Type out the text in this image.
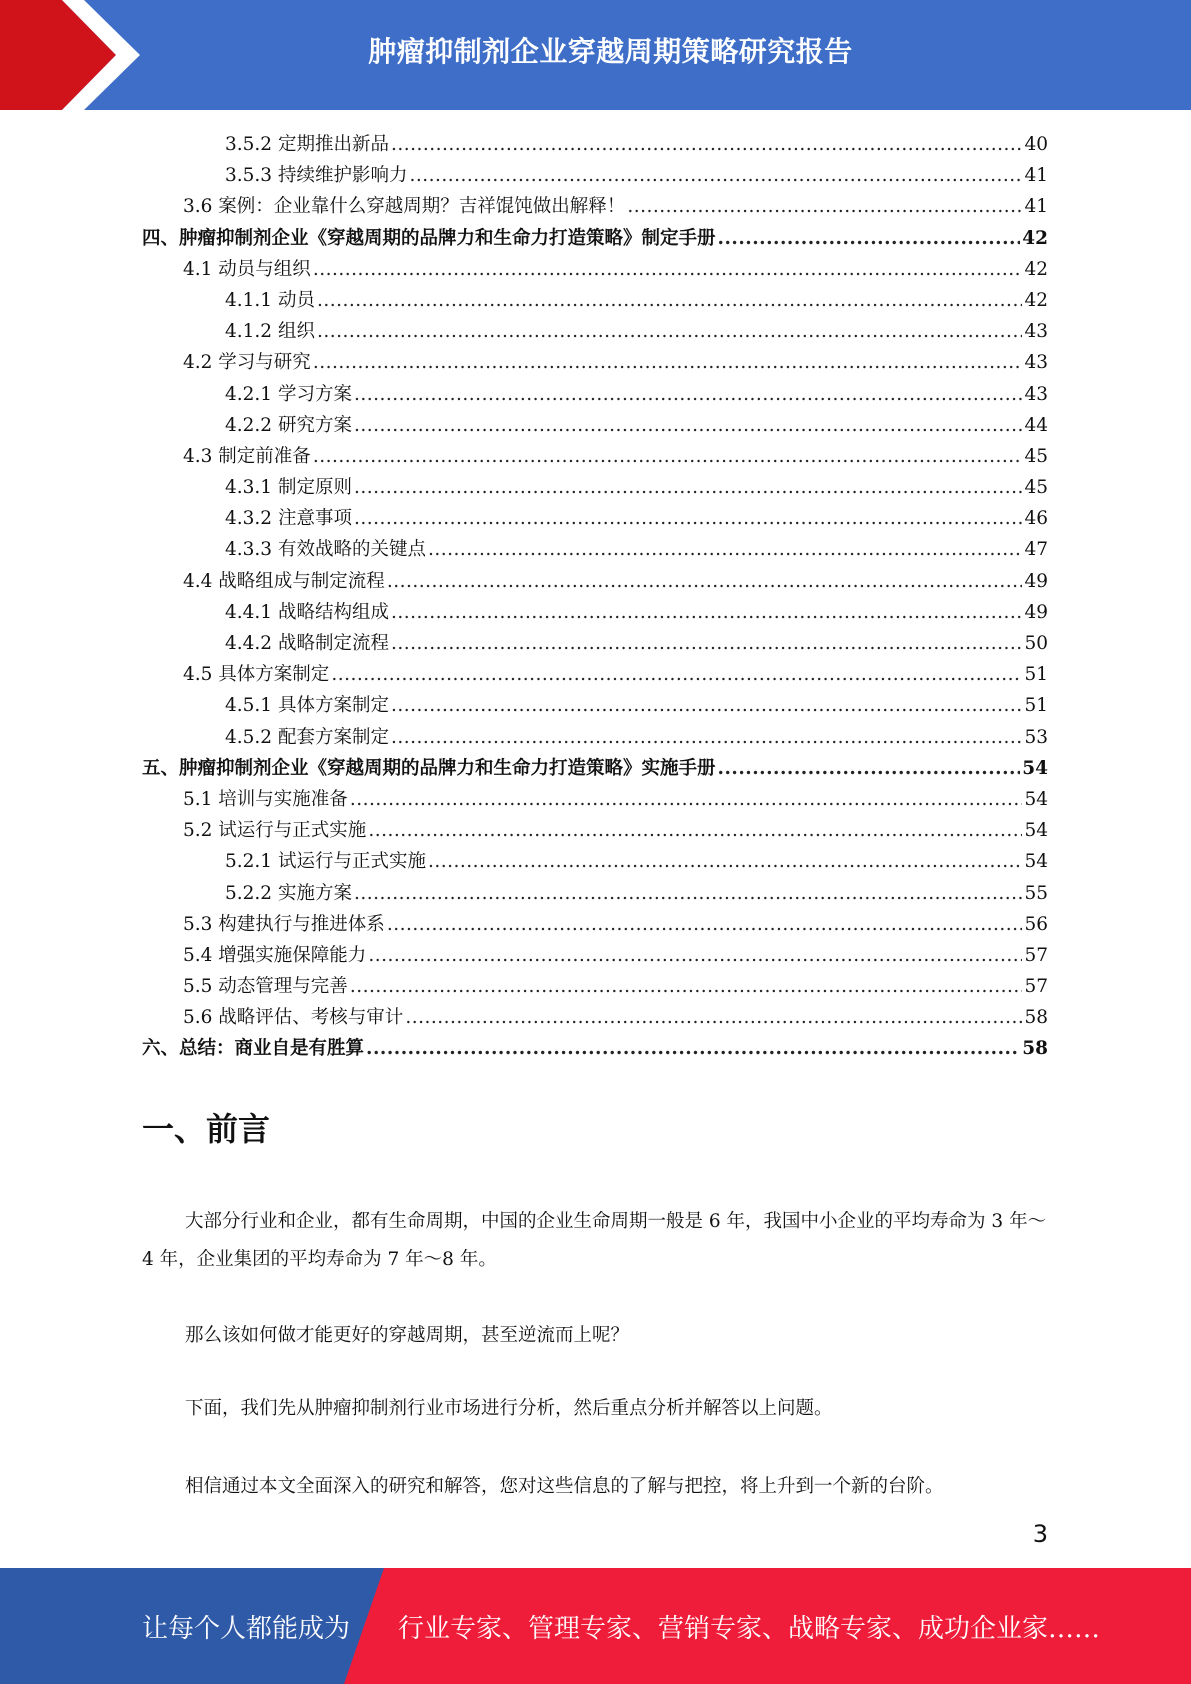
肿瘤抑制剂企业穿越周期策略研究报告
3.5.2 定期推出新品 .....	40
3.5.3 持续维护影响力 .....	41
3.6 案例：企业靠什么穿越周期？吉祥馄饨做出解释！ .....	41
四、肿瘤抑制剂企业《穿越周期的品牌力和生命力打造策略》制定手册 .....	42
4.1 动员与组织 .....	42
4.1.1 动员 .....	42
4.1.2 组织 .....	43
4.2 学习与研究 .....	43
4.2.1 学习方案 .....	43
4.2.2 研究方案 .....	44
4.3 制定前准备 .....	45
4.3.1 制定原则 .....	45
4.3.2 注意事项 .....	46
4.3.3 有效战略的关键点 .....	47
4.4 战略组成与制定流程 .....	49
4.4.1 战略结构组成 .....	49
4.4.2 战略制定流程 .....	50
4.5 具体方案制定 .....	51
4.5.1 具体方案制定 .....	51
4.5.2 配套方案制定 .....	53
五、肿瘤抑制剂企业《穿越周期的品牌力和生命力打造策略》实施手册 .....	54
5.1 培训与实施准备 .....	54
5.2 试运行与正式实施 .....	54
5.2.1 试运行与正式实施 .....	54
5.2.2 实施方案 .....	55
5.3 构建执行与推进体系 .....	56
5.4 增强实施保障能力 .....	57
5.5 动态管理与完善 .....	57
5.6 战略评估、考核与审计 .....	58
六、总结：商业自是有胜算 .....	58
一、前言

大部分行业和企业，都有生命周期，中国的企业生命周期一般是 6 年，我国中小企业的平均寿命为 3 年～4 年，企业集团的平均寿命为 7 年～8 年。

那么该如何做才能更好的穿越周期，甚至逆流而上呢？

下面，我们先从肿瘤抑制剂行业市场进行分析，然后重点分析并解答以上问题。

相信通过本文全面深入的研究和解答，您对这些信息的了解与把控，将上升到一个新的台阶。

3
让每个人都能成为 行业专家、管理专家、营销专家、战略专家、成功企业家……
